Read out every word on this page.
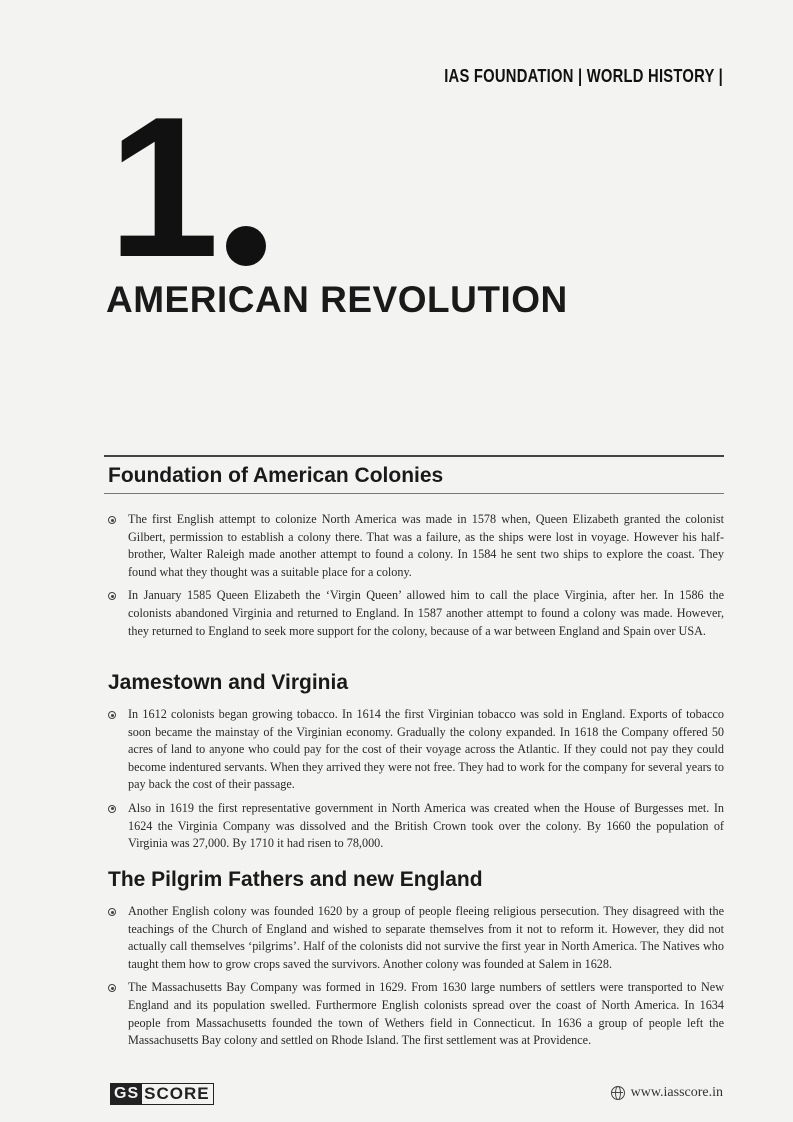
IAS FOUNDATION | WORLD HISTORY |
1
AMERICAN REVOLUTION
Foundation of American Colonies
The first English attempt to colonize North America was made in 1578 when, Queen Elizabeth granted the colonist Gilbert, permission to establish a colony there. That was a failure, as the ships were lost in voyage. However his half-brother, Walter Raleigh made another attempt to found a colony. In 1584 he sent two ships to explore the coast. They found what they thought was a suitable place for a colony.
In January 1585 Queen Elizabeth the ‘Virgin Queen’ allowed him to call the place Virginia, after her. In 1586 the colonists abandoned Virginia and returned to England. In 1587 another attempt to found a colony was made. However, they returned to England to seek more support for the colony, because of a war between England and Spain over USA.
Jamestown and Virginia
In 1612 colonists began growing tobacco. In 1614 the first Virginian tobacco was sold in England. Exports of tobacco soon became the mainstay of the Virginian economy. Gradually the colony expanded. In 1618 the Company offered 50 acres of land to anyone who could pay for the cost of their voyage across the Atlantic. If they could not pay they could become indentured servants. When they arrived they were not free. They had to work for the company for several years to pay back the cost of their passage.
Also in 1619 the first representative government in North America was created when the House of Burgesses met. In 1624 the Virginia Company was dissolved and the British Crown took over the colony. By 1660 the population of Virginia was 27,000. By 1710 it had risen to 78,000.
The Pilgrim Fathers and new England
Another English colony was founded 1620 by a group of people fleeing religious persecution. They disagreed with the teachings of the Church of England and wished to separate themselves from it not to reform it. However, they did not actually call themselves ‘pilgrims’. Half of the colonists did not survive the first year in North America. The Natives who taught them how to grow crops saved the survivors. Another colony was founded at Salem in 1628.
The Massachusetts Bay Company was formed in 1629. From 1630 large numbers of settlers were transported to New England and its population swelled. Furthermore English colonists spread over the coast of North America. In 1634 people from Massachusetts founded the town of Wethers field in Connecticut. In 1636 a group of people left the Massachusetts Bay colony and settled on Rhode Island. The first settlement was at Providence.
GS SCORE	www.iasscore.in
